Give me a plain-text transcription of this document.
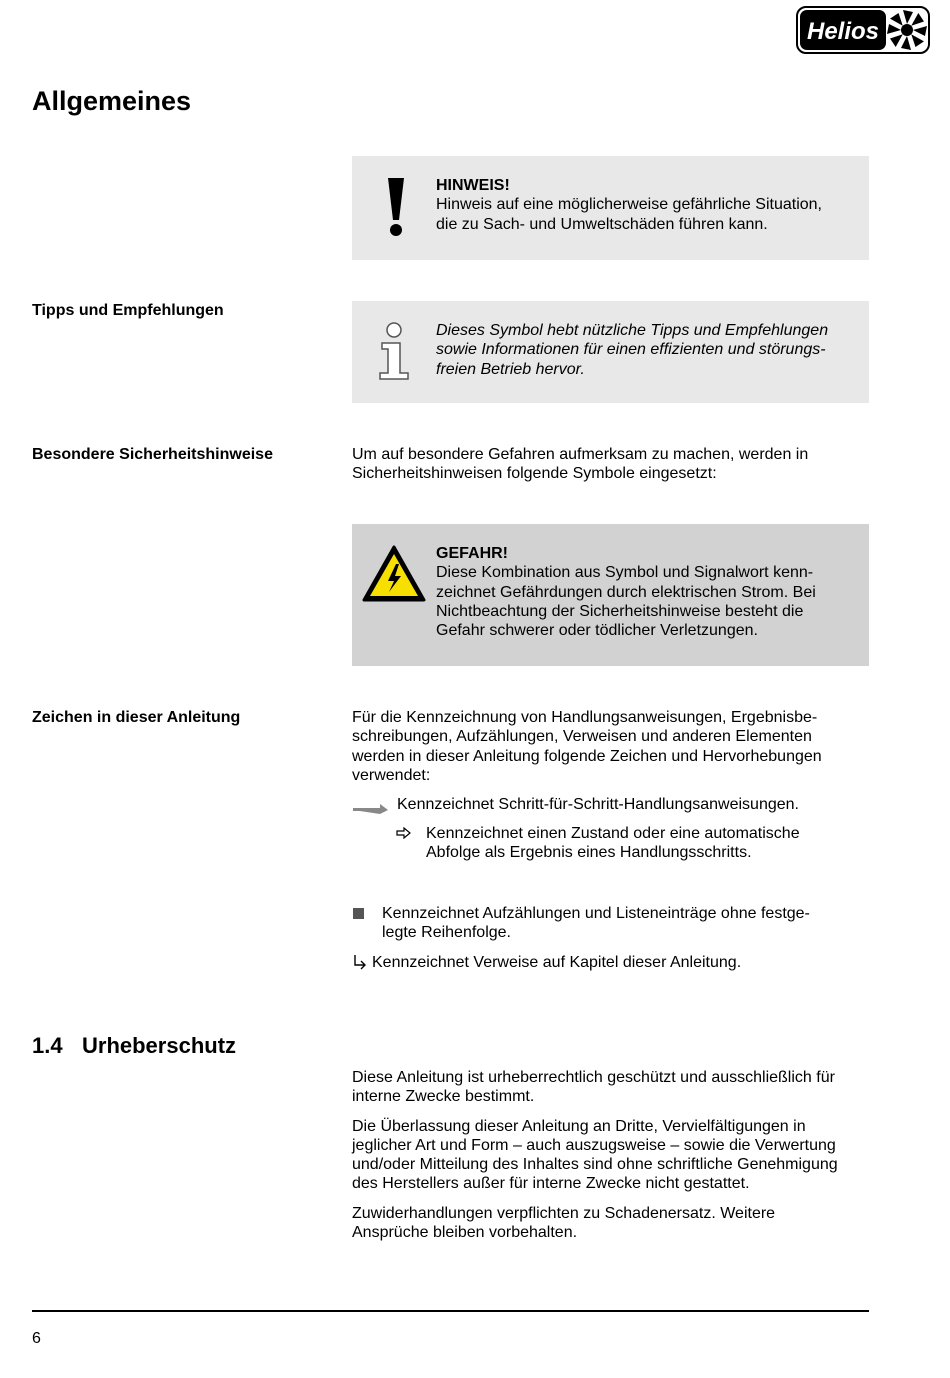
Helios
Allgemeines
HINWEIS!
Hinweis auf eine möglicherweise gefährliche Situation,
die zu Sach- und Umweltschäden führen kann.
Tipps und Empfehlungen
Dieses Symbol hebt nützliche Tipps und Empfehlungen
sowie Informationen für einen effizienten und störungs-
freien Betrieb hervor.
Besondere Sicherheitshinweise	Um auf besondere Gefahren aufmerksam zu machen, werden in
Sicherheitshinweisen folgende Symbole eingesetzt:
GEFAHR!
Diese Kombination aus Symbol und Signalwort kenn-
zeichnet Gefährdungen durch elektrischen Strom. Bei
Nichtbeachtung der Sicherheitshinweise besteht die
Gefahr schwerer oder tödlicher Verletzungen.
Zeichen in dieser Anleitung	Für die Kennzeichnung von Handlungsanweisungen, Ergebnisbe-
schreibungen, Aufzählungen, Verweisen und anderen Elementen
werden in dieser Anleitung folgende Zeichen und Hervorhebungen
verwendet:
Kennzeichnet Schritt-für-Schritt-Handlungsanweisungen.
Kennzeichnet einen Zustand oder eine automatische
Abfolge als Ergebnis eines Handlungsschritts.
Kennzeichnet Aufzählungen und Listeneinträge ohne festge-
legte Reihenfolge.
Kennzeichnet Verweise auf Kapitel dieser Anleitung.
1.4 Urheberschutz

Diese Anleitung ist urheberrechtlich geschützt und ausschließlich für
interne Zwecke bestimmt.

Die Überlassung dieser Anleitung an Dritte, Vervielfältigungen in
jeglicher Art und Form – auch auszugsweise – sowie die Verwertung
und/oder Mitteilung des Inhaltes sind ohne schriftliche Genehmigung
des Herstellers außer für interne Zwecke nicht gestattet.

Zuwiderhandlungen verpflichten zu Schadenersatz. Weitere
Ansprüche bleiben vorbehalten.

6
